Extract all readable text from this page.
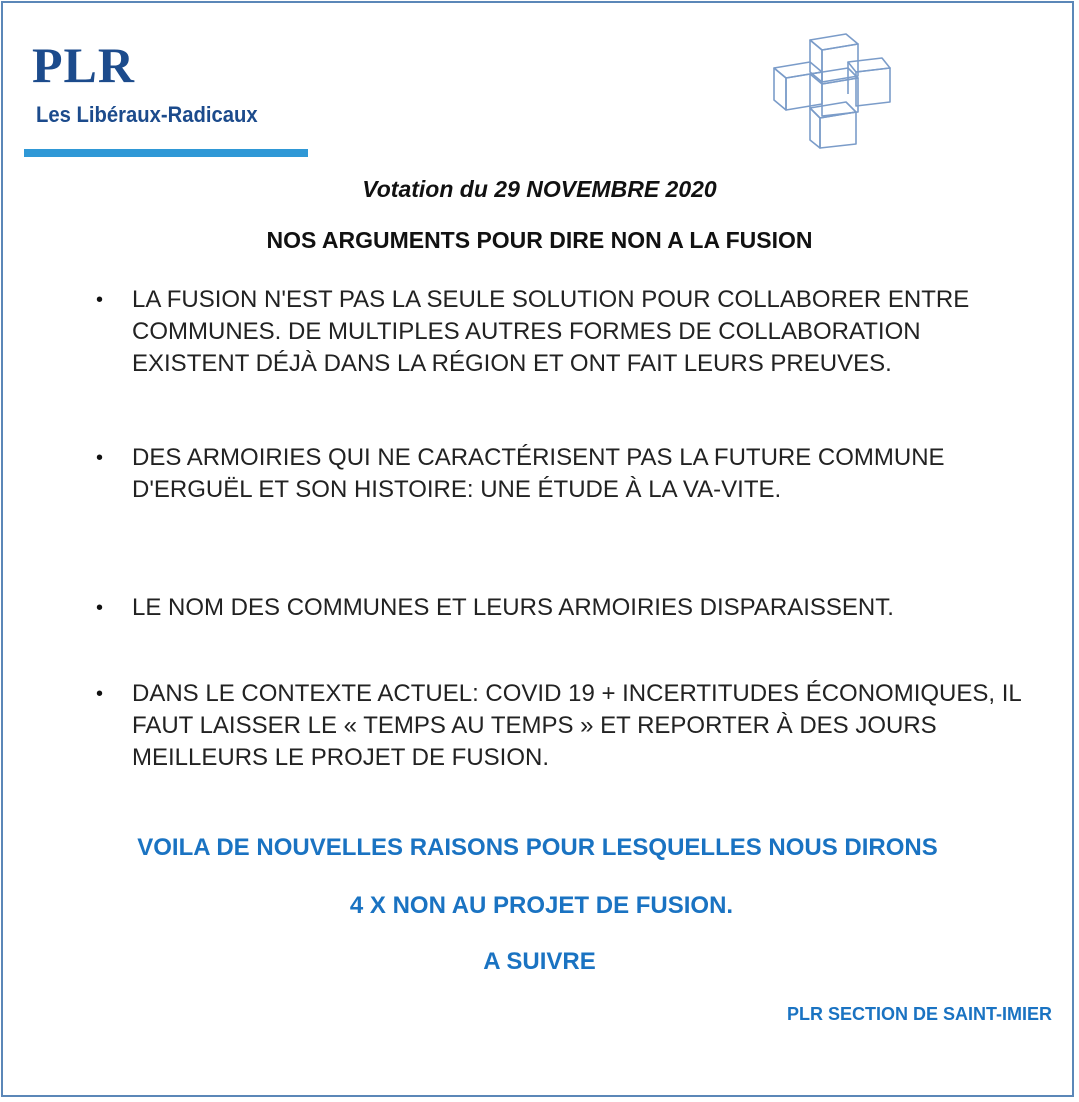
PLR
Les Libéraux-Radicaux
Votation du 29 NOVEMBRE 2020
NOS ARGUMENTS POUR DIRE NON A LA FUSION
• LA FUSION N'EST PAS LA SEULE SOLUTION POUR COLLABORER ENTRE COMMUNES. DE MULTIPLES AUTRES FORMES DE COLLABORATION EXISTENT DÉJÀ DANS LA RÉGION ET ONT FAIT LEURS PREUVES.
• DES ARMOIRIES QUI NE CARACTÉRISENT PAS LA FUTURE COMMUNE D'ERGUËL ET SON HISTOIRE: UNE ÉTUDE À LA VA-VITE.
• LE NOM DES COMMUNES ET LEURS ARMOIRIES DISPARAISSENT.
• DANS LE CONTEXTE ACTUEL: COVID 19 + INCERTITUDES ÉCONOMIQUES, IL FAUT LAISSER LE « TEMPS AU TEMPS » ET REPORTER À DES JOURS MEILLEURS LE PROJET DE FUSION.
VOILA DE NOUVELLES RAISONS POUR LESQUELLES NOUS DIRONS
4 X NON AU PROJET DE FUSION.
A SUIVRE
PLR SECTION DE SAINT-IMIER
